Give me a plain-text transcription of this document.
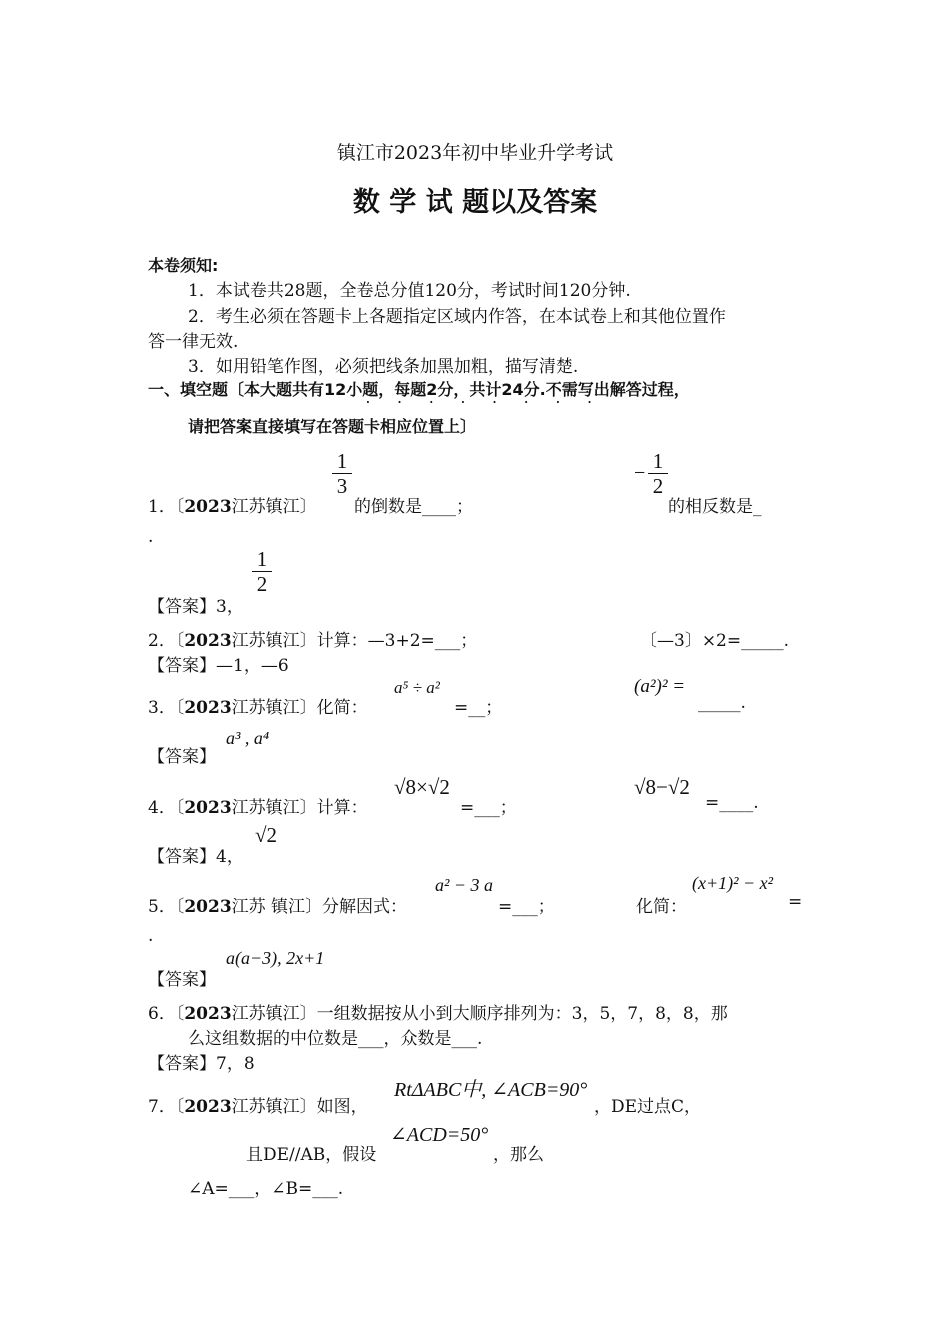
镇江市2023年初中毕业升学考试
数 学 试 题以及答案
本卷须知:
1．本试卷共28题，全卷总分值120分，考试时间120分钟.
2．考生必须在答题卡上各题指定区域内作答，在本试卷上和其他位置作
答一律无效.
3．如用铅笔作图，必须把线条加黑加粗，描写清楚.
一、填空题〔本大题共有12小题，每题2分，共计24分.不需写出解答过程，
· · · · · · · ·
请把答案直接填写在答题卡相应位置上〕
1．〔2023江苏镇江〕
1
3
的倒数是____；
− 1
2
的相反数是_
.
【答案】3，
1
2
2．〔2023江苏镇江〕计算：—3+2=___；	〔—3〕×2=_____.
【答案】—1，—6
3．〔2023江苏镇江〕化简：
a⁵ ÷ a²
=__；
(a²)² =
_____.
【答案】
a³ , a⁴
4．〔2023江苏镇江〕计算：
√8×√2
=___；
√8−√2
=____.
【答案】4，
√2
5．〔2023江苏 镇江〕分解因式：
a² − 3 a
=___；	化简：
(x+1)² − x²
=
.
【答案】
a(a−3), 2x+1
6．〔2023江苏镇江〕一组数据按从小到大顺序排列为：3，5，7，8，8，那
么这组数据的中位数是___，众数是___.
【答案】7，8
7．〔2023江苏镇江〕如图，
RtΔABC中, ∠ACB=90°
，DE过点C，
且DE//AB，假设
∠ACD=50°
，那么
∠A=___，∠B=___.
